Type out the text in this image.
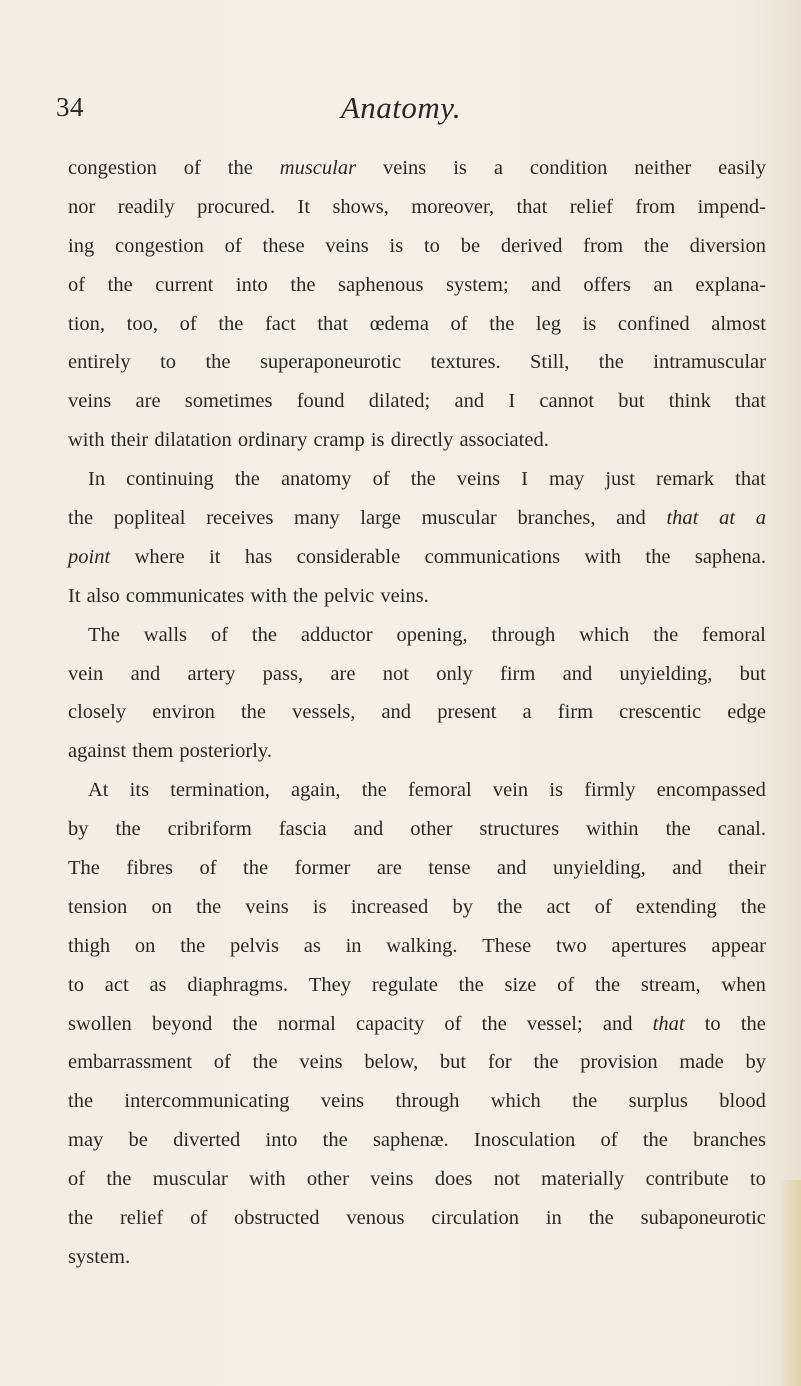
34	Anatomy.
congestion of the muscular veins is a condition neither easily
nor readily procured. It shows, moreover, that relief from impend-
ing congestion of these veins is to be derived from the diversion
of the current into the saphenous system; and offers an explana-
tion, too, of the fact that œdema of the leg is confined almost
entirely to the superaponeurotic textures. Still, the intramuscular
veins are sometimes found dilated; and I cannot but think that
with their dilatation ordinary cramp is directly associated.
In continuing the anatomy of the veins I may just remark that
the popliteal receives many large muscular branches, and that at a
point where it has considerable communications with the saphena.
It also communicates with the pelvic veins.
The walls of the adductor opening, through which the femoral
vein and artery pass, are not only firm and unyielding, but
closely environ the vessels, and present a firm crescentic edge
against them posteriorly.
At its termination, again, the femoral vein is firmly encompassed
by the cribriform fascia and other structures within the canal.
The fibres of the former are tense and unyielding, and their
tension on the veins is increased by the act of extending the
thigh on the pelvis as in walking. These two apertures appear
to act as diaphragms. They regulate the size of the stream, when
swollen beyond the normal capacity of the vessel; and that to the
embarrassment of the veins below, but for the provision made by
the intercommunicating veins through which the surplus blood
may be diverted into the saphenæ. Inosculation of the branches
of the muscular with other veins does not materially contribute to
the relief of obstructed venous circulation in the subaponeurotic
system.
